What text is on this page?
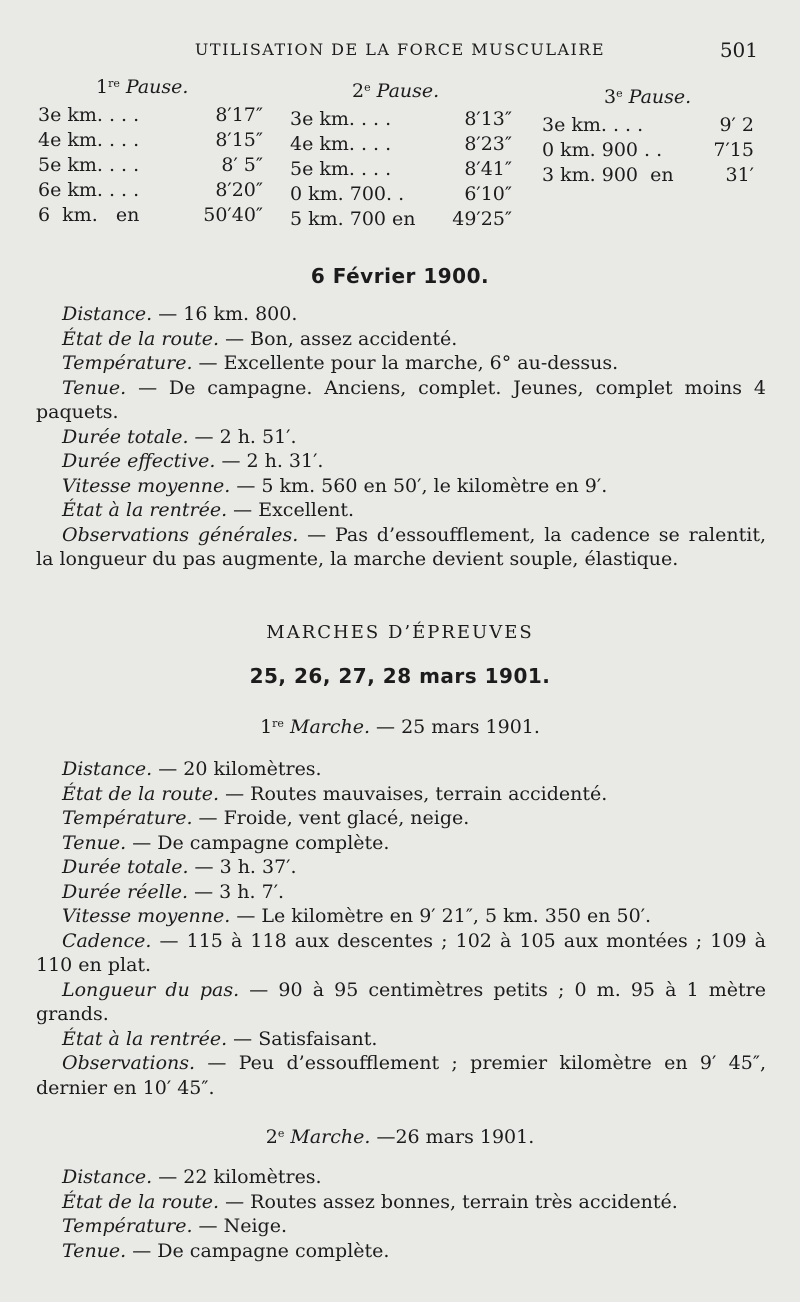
UTILISATION DE LA FORCE MUSCULAIRE	501
1re Pause.
3e km. . . .	8′17″
4e km. . . .	8′15″
5e km. . . .	8′ 5″
6e km. . . .	8′20″
6  km.   en	50′40″
2e Pause.
3e km. . . .	8′13″
4e km. . . .	8′23″
5e km. . . .	8′41″
0 km. 700. .	6′10″
5 km. 700 en 49′25″
3e Pause.
3e km. . . .	9′ 2
0 km. 900 . .	7′15
3 km. 900  en	31′
6 Février 1900.
Distance. — 16 km. 800.
État de la route. — Bon, assez accidenté.
Température. — Excellente pour la marche, 6° au-dessus.
Tenue. — De campagne. Anciens, complet. Jeunes, complet moins 4 paquets.
Durée totale. — 2 h. 51′.
Durée effective. — 2 h. 31′.
Vitesse moyenne. — 5 km. 560 en 50′, le kilomètre en 9′.
État à la rentrée. — Excellent.
Observations générales. — Pas d’essoufflement, la cadence se ralentit, la longueur du pas augmente, la marche devient souple, élastique.
MARCHES D’ÉPREUVES
25, 26, 27, 28 mars 1901.
1re Marche. — 25 mars 1901.
Distance. — 20 kilomètres.
État de la route. — Routes mauvaises, terrain accidenté.
Température. — Froide, vent glacé, neige.
Tenue. — De campagne complète.
Durée totale. — 3 h. 37′.
Durée réelle. — 3 h. 7′.
Vitesse moyenne. — Le kilomètre en 9′ 21″, 5 km. 350 en 50′.
Cadence. — 115 à 118 aux descentes ; 102 à 105 aux montées ; 109 à 110 en plat.
Longueur du pas. — 90 à 95 centimètres petits ; 0 m. 95 à 1 mètre grands.
État à la rentrée. — Satisfaisant.
Observations. — Peu d’essoufflement ; premier kilomètre en 9′ 45″, dernier en 10′ 45″.
2e Marche. —26 mars 1901.
Distance. — 22 kilomètres.
État de la route. — Routes assez bonnes, terrain très accidenté.
Température. — Neige.
Tenue. — De campagne complète.
